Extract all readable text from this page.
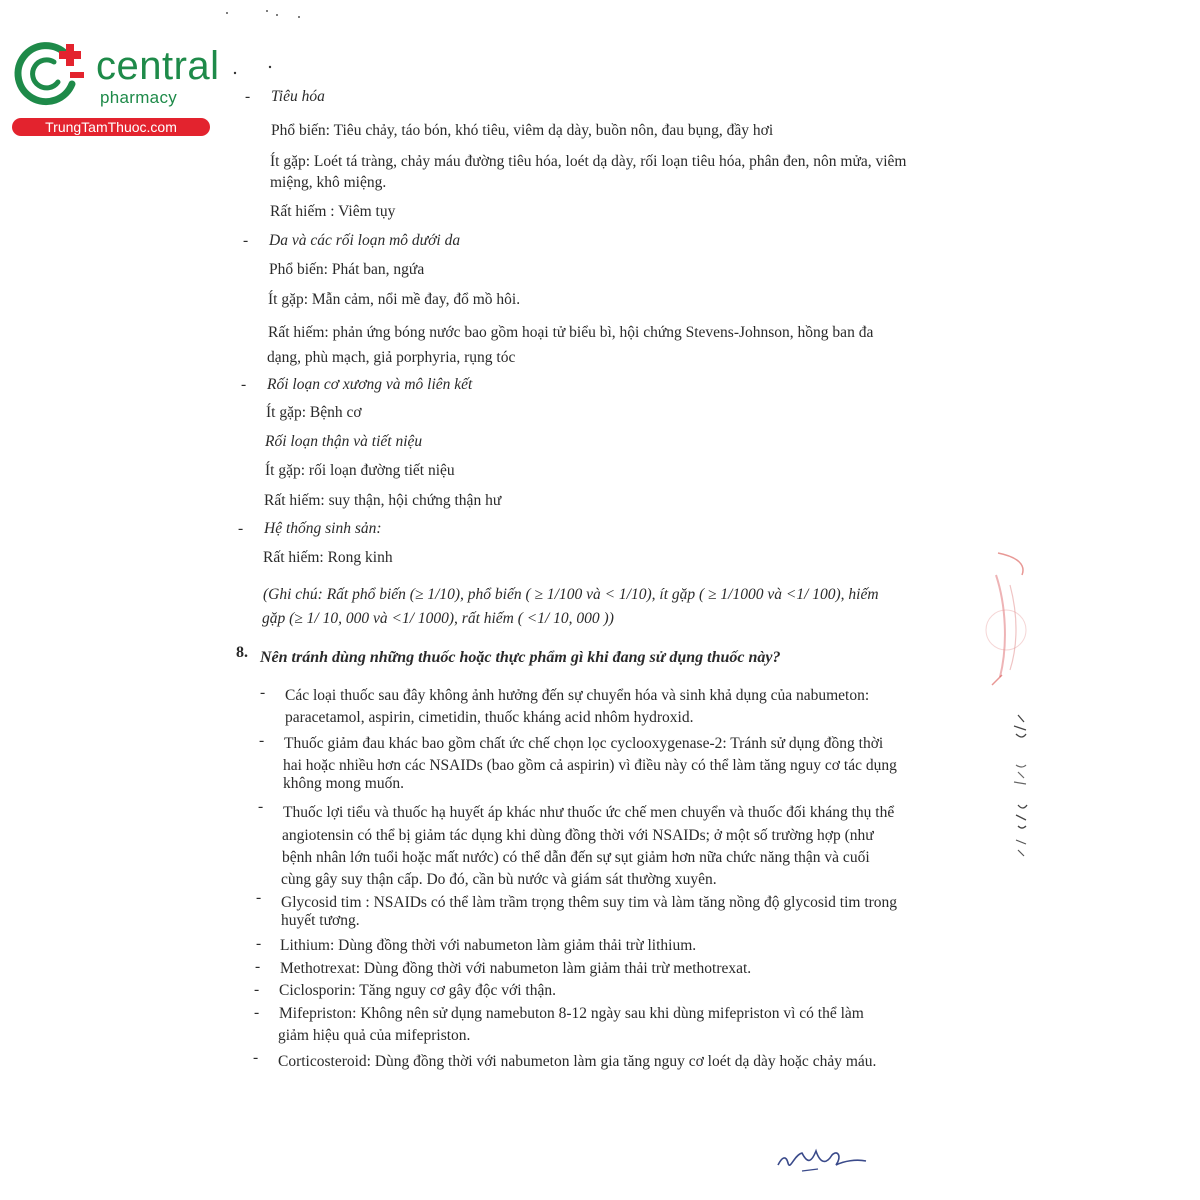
central
pharmacy
TrungTamThuoc.com
- Tiêu hóa
Phổ biến: Tiêu chảy, táo bón, khó tiêu, viêm dạ dày, buồn nôn, đau bụng, đầy hơi
Ít gặp: Loét tá tràng, chảy máu đường tiêu hóa, loét dạ dày, rối loạn tiêu hóa, phân đen, nôn mửa, viêm
miệng, khô miệng.
Rất hiếm : Viêm tụy
- Da và các rối loạn mô dưới da
Phổ biến: Phát ban, ngứa
Ít gặp: Mẫn cảm, nổi mề đay, đổ mồ hôi.
Rất hiếm: phản ứng bóng nước bao gồm hoại tử biểu bì, hội chứng Stevens-Johnson, hồng ban đa
dạng, phù mạch, giả porphyria, rụng tóc
- Rối loạn cơ xương và mô liên kết
Ít gặp: Bệnh cơ
Rối loạn thận và tiết niệu
Ít gặp: rối loạn đường tiết niệu
Rất hiếm: suy thận, hội chứng thận hư
- Hệ thống sinh sản:
Rất hiếm: Rong kinh
(Ghi chú: Rất phổ biến (≥ 1/10), phổ biến ( ≥ 1/100 và < 1/10), ít gặp ( ≥ 1/1000 và <1/ 100), hiếm
gặp (≥ 1/ 10, 000 và <1/ 1000), rất hiếm ( <1/ 10, 000 ))
8. Nên tránh dùng những thuốc hoặc thực phẩm gì khi đang sử dụng thuốc này?
- Các loại thuốc sau đây không ảnh hưởng đến sự chuyển hóa và sinh khả dụng của nabumeton:
paracetamol, aspirin, cimetidin, thuốc kháng acid nhôm hydroxid.
- Thuốc giảm đau khác bao gồm chất ức chế chọn lọc cyclooxygenase-2: Tránh sử dụng đồng thời
hai hoặc nhiều hơn các NSAIDs (bao gồm cả aspirin) vì điều này có thể làm tăng nguy cơ tác dụng
không mong muốn.
- Thuốc lợi tiểu và thuốc hạ huyết áp khác như thuốc ức chế men chuyển và thuốc đối kháng thụ thể
angiotensin có thể bị giảm tác dụng khi dùng đồng thời với NSAIDs; ở một số trường hợp (như
bệnh nhân lớn tuổi hoặc mất nước) có thể dẫn đến sự sụt giảm hơn nữa chức năng thận và cuối
cùng gây suy thận cấp. Do đó, cần bù nước và giám sát thường xuyên.
- Glycosid tim : NSAIDs có thể làm trầm trọng thêm suy tim và làm tăng nồng độ glycosid tim trong
huyết tương.
- Lithium: Dùng đồng thời với nabumeton làm giảm thải trừ lithium.
- Methotrexat: Dùng đồng thời với nabumeton làm giảm thải trừ methotrexat.
- Ciclosporin: Tăng nguy cơ gây độc với thận.
- Mifepriston: Không nên sử dụng namebuton 8-12 ngày sau khi dùng mifepriston vì có thể làm
giảm hiệu quả của mifepriston.
- Corticosteroid: Dùng đồng thời với nabumeton làm gia tăng nguy cơ loét dạ dày hoặc chảy máu.
